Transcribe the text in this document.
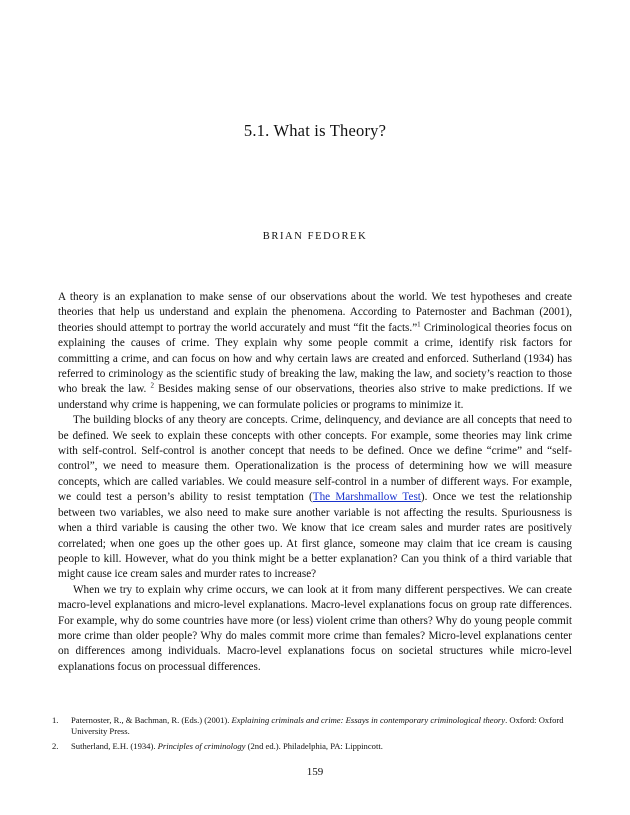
5.1. What is Theory?
BRIAN FEDOREK

A theory is an explanation to make sense of our observations about the world. We test hypotheses and create theories that help us understand and explain the phenomena. According to Paternoster and Bachman (2001), theories should attempt to portray the world accurately and must “fit the facts.”$^1$ Criminological theories focus on explaining the causes of crime. They explain why some people commit a crime, identify risk factors for committing a crime, and can focus on how and why certain laws are created and enforced. Sutherland (1934) has referred to criminology as the scientific study of breaking the law, making the law, and society’s reaction to those who break the law. $^2$ Besides making sense of our observations, theories also strive to make predictions. If we understand why crime is happening, we can formulate policies or programs to minimize it.

The building blocks of any theory are concepts. Crime, delinquency, and deviance are all concepts that need to be defined. We seek to explain these concepts with other concepts. For example, some theories may link crime with self-control. Self-control is another concept that needs to be defined. Once we define “crime” and “self-control”, we need to measure them. Operationalization is the process of determining how we will measure concepts, which are called variables. We could measure self-control in a number of different ways. For example, we could test a person’s ability to resist temptation (The Marshmallow Test). Once we test the relationship between two variables, we also need to make sure another variable is not affecting the results. Spuriousness is when a third variable is causing the other two. We know that ice cream sales and murder rates are positively correlated; when one goes up the other goes up. At first glance, someone may claim that ice cream is causing people to kill. However, what do you think might be a better explanation? Can you think of a third variable that might cause ice cream sales and murder rates to increase?

When we try to explain why crime occurs, we can look at it from many different perspectives. We can create macro-level explanations and micro-level explanations. Macro-level explanations focus on group rate differences. For example, why do some countries have more (or less) violent crime than others? Why do young people commit more crime than older people? Why do males commit more crime than females? Micro-level explanations center on differences among individuals. Macro-level explanations focus on societal structures while micro-level explanations focus on processual differences.

1. Paternoster, R., & Bachman, R. (Eds.) (2001). Explaining criminals and crime: Essays in contemporary criminological theory. Oxford: Oxford University Press.
2. Sutherland, E.H. (1934). Principles of criminology (2nd ed.). Philadelphia, PA: Lippincott.
159
